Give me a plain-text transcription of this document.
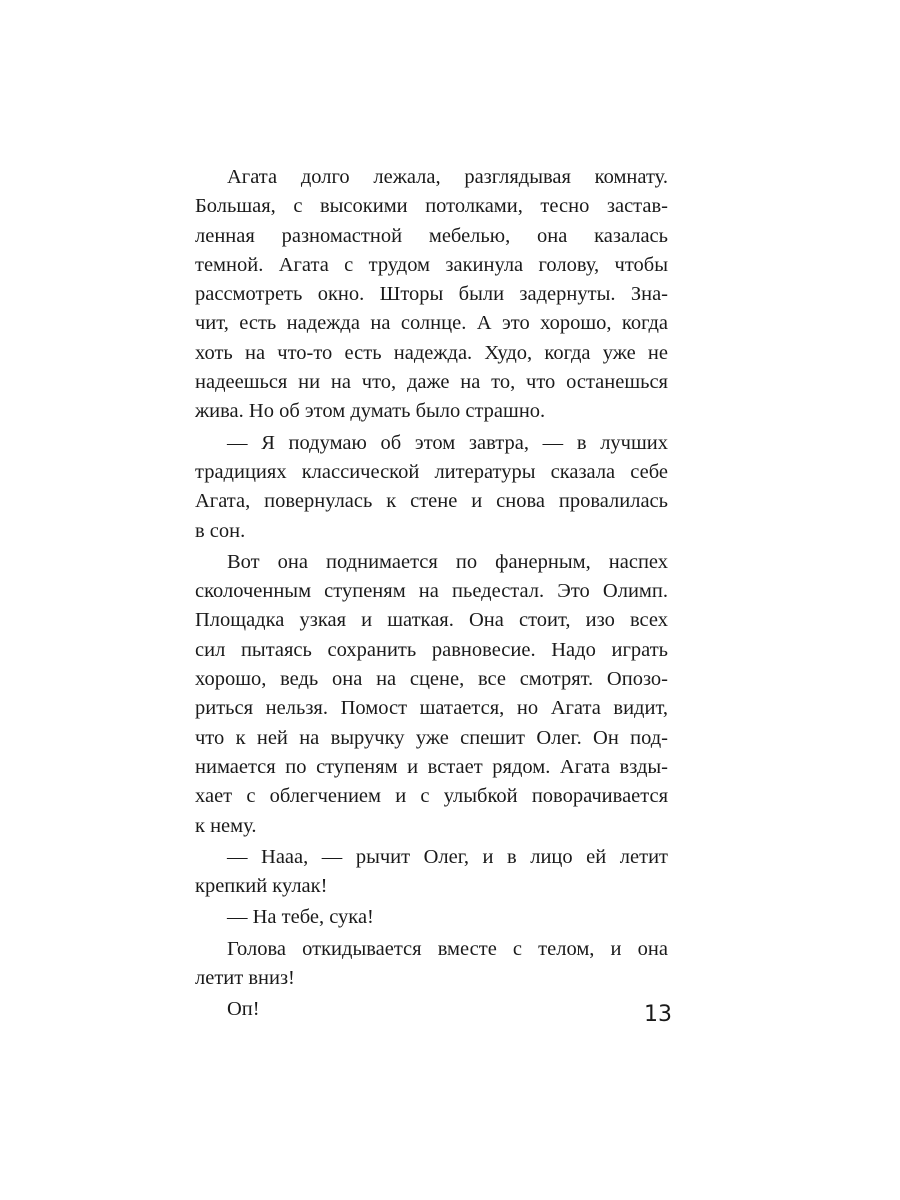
Агата долго лежала, разглядывая комнату.
Большая, с высокими потолками, тесно застав-
ленная разномастной мебелью, она казалась
темной. Агата с трудом закинула голову, чтобы
рассмотреть окно. Шторы были задернуты. Зна-
чит, есть надежда на солнце. А это хорошо, когда
хоть на что-то есть надежда. Худо, когда уже не
надеешься ни на что, даже на то, что останешься
жива. Но об этом думать было страшно.
— Я подумаю об этом завтра, — в лучших
традициях классической литературы сказала себе
Агата, повернулась к стене и снова провалилась
в сон.
Вот она поднимается по фанерным, наспех
сколоченным ступеням на пьедестал. Это Олимп.
Площадка узкая и шаткая. Она стоит, изо всех
сил пытаясь сохранить равновесие. Надо играть
хорошо, ведь она на сцене, все смотрят. Опозо-
риться нельзя. Помост шатается, но Агата видит,
что к ней на выручку уже спешит Олег. Он под-
нимается по ступеням и встает рядом. Агата взды-
хает с облегчением и с улыбкой поворачивается
к нему.
— Нааа, — рычит Олег, и в лицо ей летит
крепкий кулак!
— На тебе, сука!
Голова откидывается вместе с телом, и она
летит вниз!
Оп!	13
